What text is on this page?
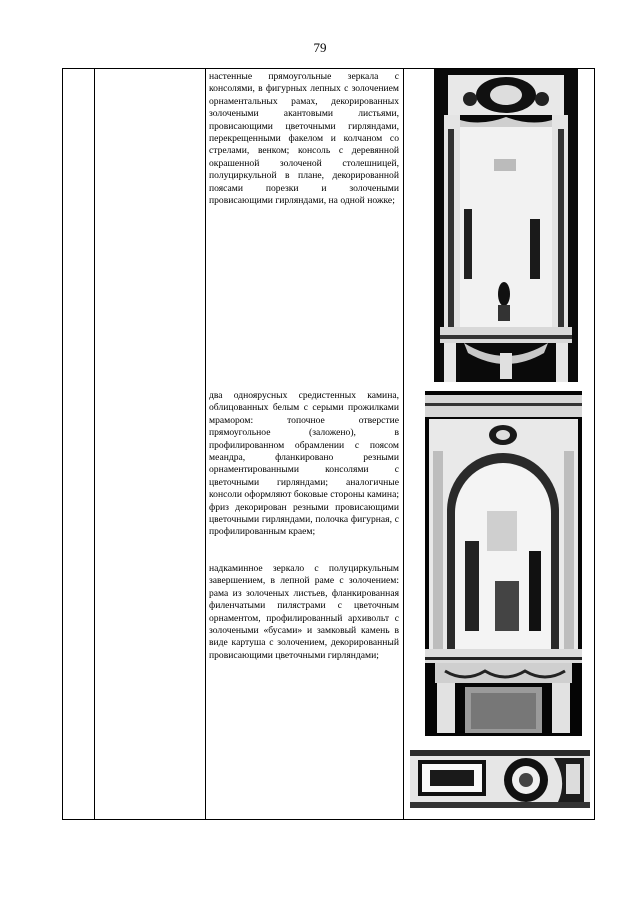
79

настенные прямоугольные зеркала с консолями, в фигурных лепных с золочением орнаментальных рамах, декорированных золочеными акантовыми листьями, провисающими цветочными гирляндами, перекрещенными факелом и колчаном со стрелами, венком; консоль с деревянной окрашенной золоченой столешницей, полуциркульной в плане, декорированной поясами порезки и золочеными провисающими гирляндами, на одной ножке;

два одноярусных средистенных камина, облицованных белым с серыми прожилками мрамором: топочное отверстие прямоугольное (заложено), в профилированном обрамлении с поясом меандра, фланкировано резными орнаментированными консолями с цветочными гирляндами; аналогичные консоли оформляют боковые стороны камина; фриз декорирован резными провисающими цветочными гирляндами, полочка фигурная, с профилированным краем;

надкаминное зеркало с полуциркульным завершением, в лепной раме с золочением: рама из золоченых листьев, фланкированная филенчатыми пилястрами с цветочным орнаментом, профилированный архивольт с золочеными «бусами» и замковый камень в виде картуша с золочением, декорированный провисающими цветочными гирляндами;
